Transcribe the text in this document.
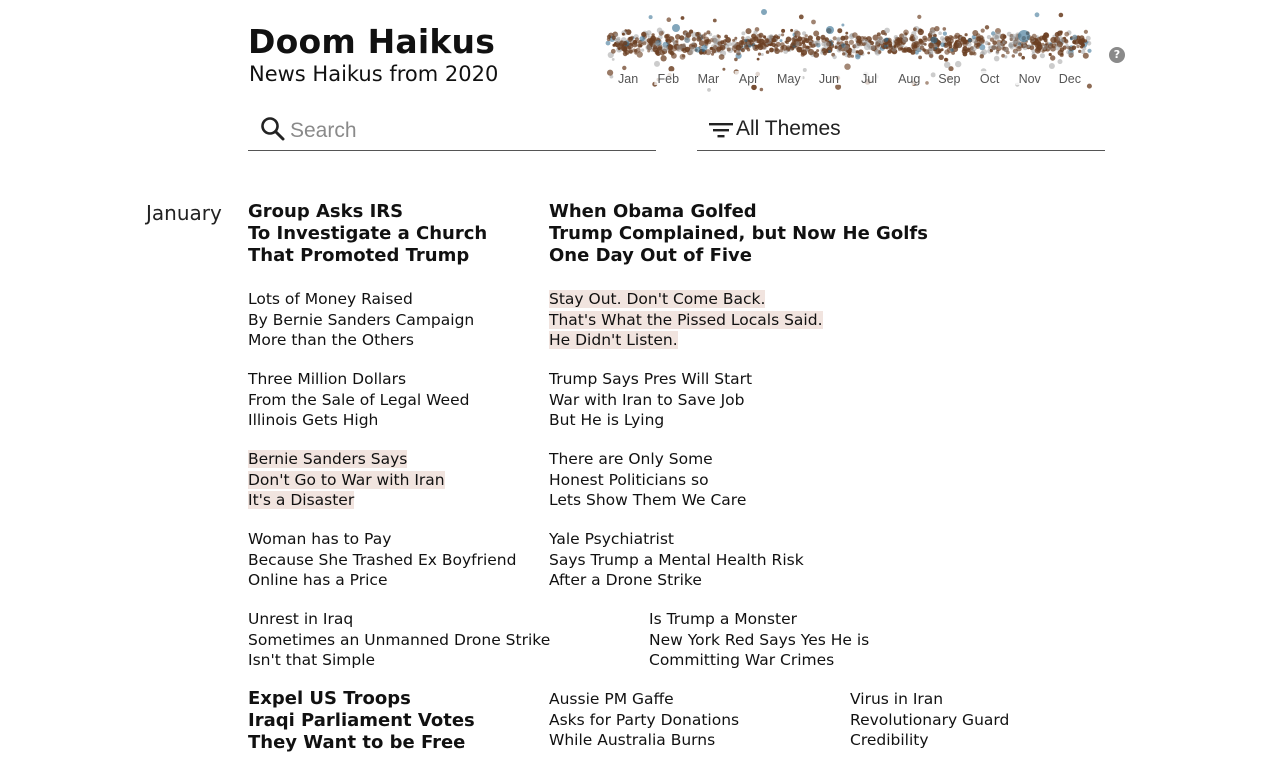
Doom Haikus
News Haikus from 2020	Jan Feb Mar Apr May Jun Jul Aug Sep Oct Nov Dec
?
Search
All Themes
January Group Asks IRS
To Investigate a Church
That Promoted Trump
When Obama Golfed
Trump Complained, but Now He Golfs
One Day Out of Five
Lots of Money Raised
By Bernie Sanders Campaign
More than the Others
Stay Out. Don't Come Back.
That's What the Pissed Locals Said.
He Didn't Listen.
Three Million Dollars
From the Sale of Legal Weed
Illinois Gets High
Trump Says Pres Will Start
War with Iran to Save Job
But He is Lying
Bernie Sanders Says
Don't Go to War with Iran
It's a Disaster
There are Only Some
Honest Politicians so
Lets Show Them We Care
Woman has to Pay
Because She Trashed Ex Boyfriend
Online has a Price
Yale Psychiatrist
Says Trump a Mental Health Risk
After a Drone Strike
Unrest in Iraq
Sometimes an Unmanned Drone Strike
Isn't that Simple
Is Trump a Monster
New York Red Says Yes He is
Committing War Crimes
Expel US Troops
Iraqi Parliament Votes
They Want to be Free
Aussie PM Gaffe
Asks for Party Donations
While Australia Burns
Virus in Iran
Revolutionary Guard
Credibility
